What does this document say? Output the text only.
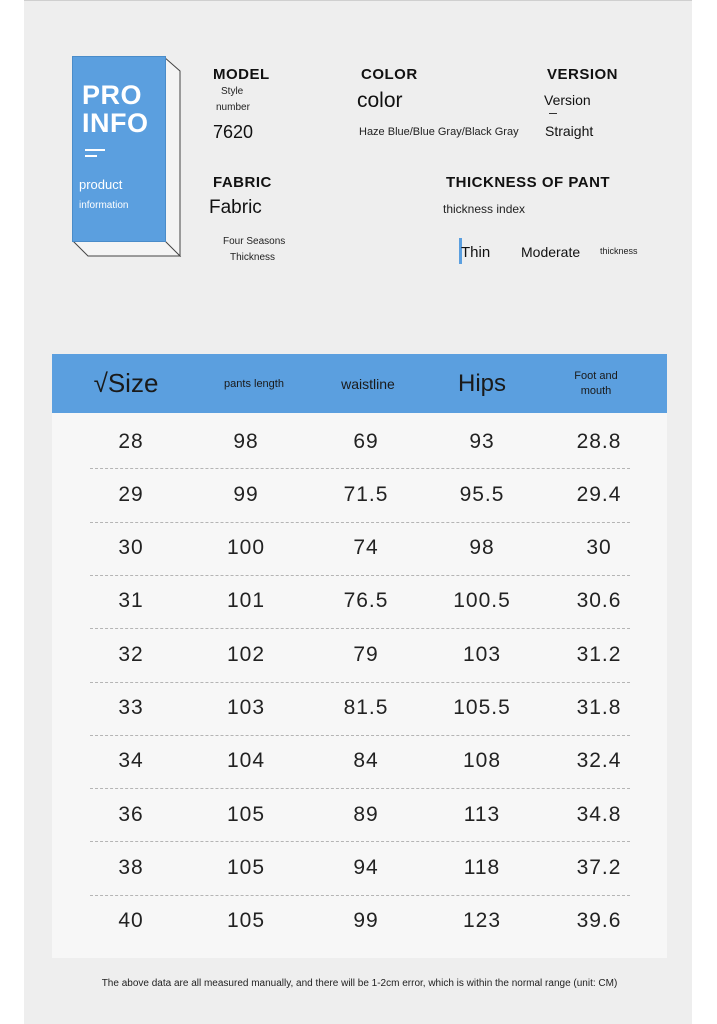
PRO
INFO
product
information
MODEL
Style
number
7620
COLOR
color
Haze Blue/Blue Gray/Black Gray
VERSION
Version
Straight
FABRIC
Fabric
Four Seasons
Thickness
THICKNESS OF PANT
thickness index
Thin Moderate thickness
√Size	pants length	waistline	Hips	Foot and
mouth
28	98	69	93	28.8
29	99	71.5	95.5	29.4
30	100	74	98	30
31	101	76.5	100.5	30.6
32	102	79	103	31.2
33	103	81.5	105.5	31.8
34	104	84	108	32.4
36	105	89	113	34.8
38	105	94	118	37.2
40	105	99	123	39.6
The above data are all measured manually, and there will be 1-2cm error, which is within the normal range (unit: CM)
